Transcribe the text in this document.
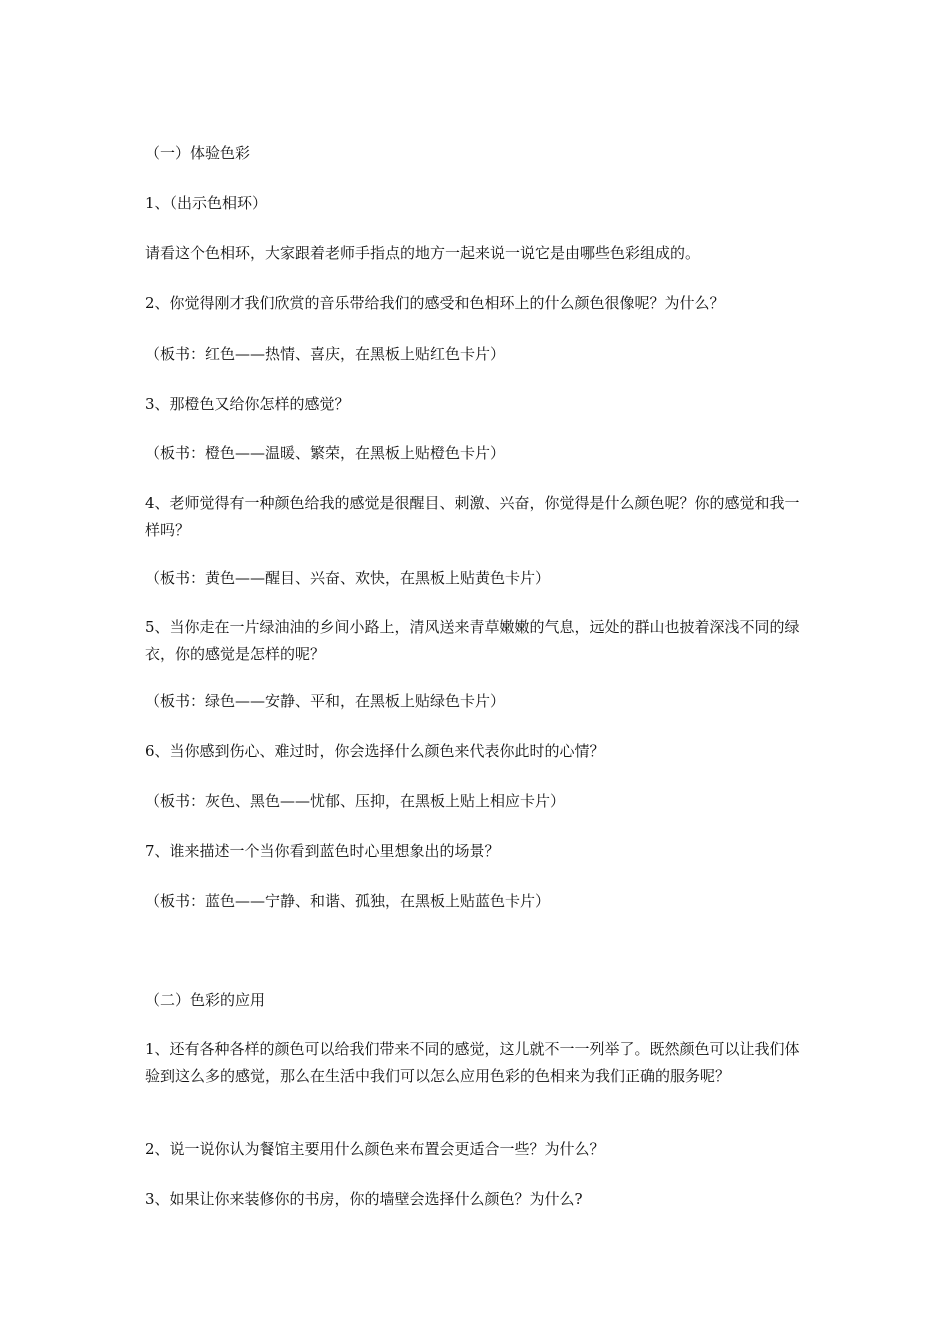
（一）体验色彩

1、（出示色相环）

请看这个色相环，大家跟着老师手指点的地方一起来说一说它是由哪些色彩组成的。

2、你觉得刚才我们欣赏的音乐带给我们的感受和色相环上的什么颜色很像呢？为什么？

（板书：红色——热情、喜庆，在黑板上贴红色卡片）

3、那橙色又给你怎样的感觉？

（板书：橙色——温暖、繁荣，在黑板上贴橙色卡片）

4、老师觉得有一种颜色给我的感觉是很醒目、刺激、兴奋，你觉得是什么颜色呢？你的感觉和我一样吗？

（板书：黄色——醒目、兴奋、欢快，在黑板上贴黄色卡片）

5、当你走在一片绿油油的乡间小路上，清风送来青草嫩嫩的气息，远处的群山也披着深浅不同的绿衣，你的感觉是怎样的呢？

（板书：绿色——安静、平和，在黑板上贴绿色卡片）

6、当你感到伤心、难过时，你会选择什么颜色来代表你此时的心情？

（板书：灰色、黑色——忧郁、压抑，在黑板上贴上相应卡片）

7、谁来描述一个当你看到蓝色时心里想象出的场景？

（板书：蓝色——宁静、和谐、孤独，在黑板上贴蓝色卡片）

（二）色彩的应用

1、还有各种各样的颜色可以给我们带来不同的感觉，这儿就不一一列举了。既然颜色可以让我们体验到这么多的感觉，那么在生活中我们可以怎么应用色彩的色相来为我们正确的服务呢？

2、说一说你认为餐馆主要用什么颜色来布置会更适合一些？为什么？

3、如果让你来装修你的书房，你的墙壁会选择什么颜色？为什么?
